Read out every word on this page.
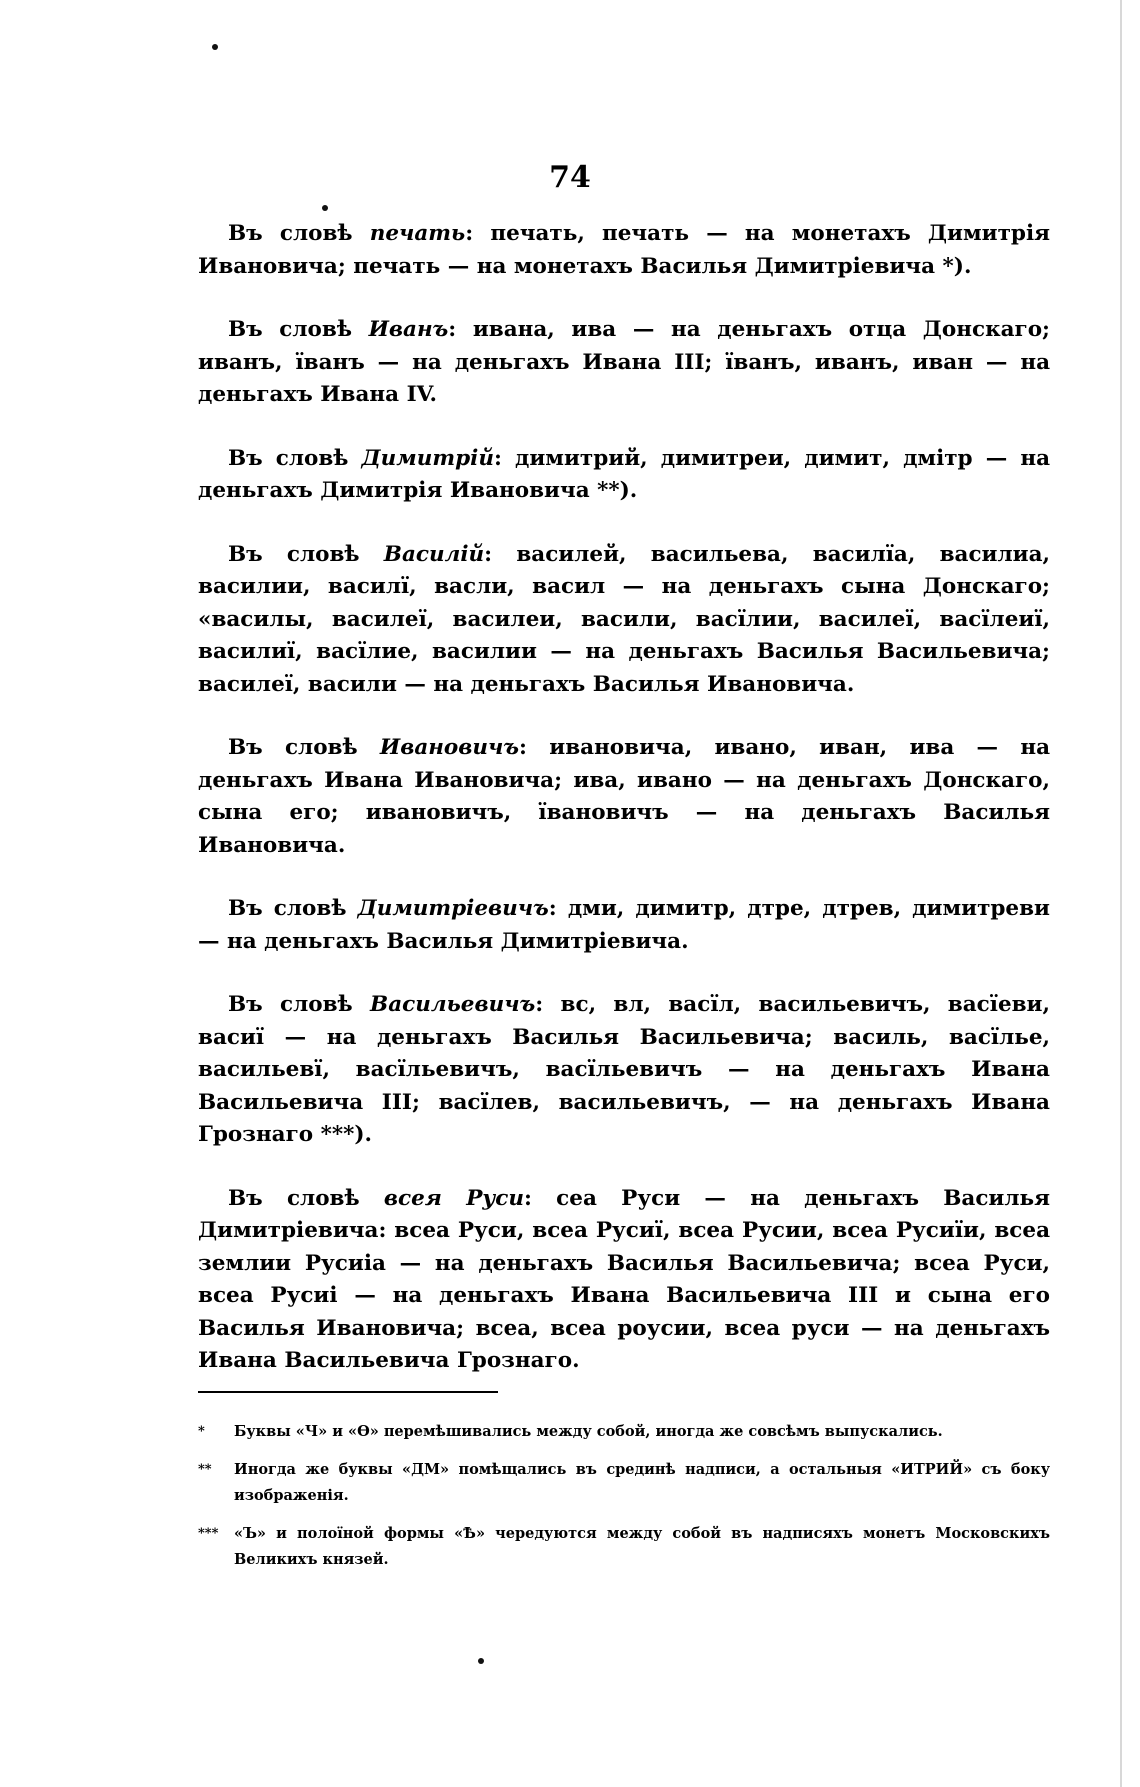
74

Въ словѣ печать: печать, печать — на монетахъ Димитрія Ивановича; печать — на монетахъ Василья Димитріевича *).

Въ словѣ Иванъ: ивана, ива — на деньгахъ отца Донскаго; иванъ, ïванъ — на деньгахъ Ивана III; ïванъ, иванъ, иван — на деньгахъ Ивана IV.

Въ словѣ Димитрій: димитрий, димитреи, димит, дмітр — на деньгахъ Димитрія Ивановича **).

Въ словѣ Василій: василей, васильева, василïа, василиа, василии, василï, васли, васил — на деньгахъ сына Донскаго; «василы, василеї, василеи, васили, васïлии, василеї, васïлеиї, василиї, васïлие, василии — на деньгахъ Василья Васильевича; василеї, васили — на деньгахъ Василья Ивановича.

Въ словѣ Ивановичъ: ивановича, ивано, иван, ива — на деньгахъ Ивана Ивановича; ива, ивано — на деньгахъ Донскаго, сына его; ивановичъ, ïвановичъ — на деньгахъ Василья Ивановича.

Въ словѣ Димитріевичъ: дми, димитр, дтре, дтрев, димитреви — на деньгахъ Василья Димитріевича.

Въ словѣ Васильевичъ: вс, вл, васïл, васильевичъ, васïеви, васиї — на деньгахъ Василья Васильевича; василь, васïлье, васильевї, васïльевичъ, васïльевичъ — на деньгахъ Ивана Васильевича III; васïлев, васильевичъ, — на деньгахъ Ивана Грознаго ***).

Въ словѣ всея Руси: сеа Руси — на деньгахъ Василья Димитріевича: всеа Руси, всеа Русиї, всеа Русии, всеа Русиїи, всеа землии Русиіа — на деньгахъ Василья Васильевича; всеа Руси, всеа Русиі — на деньгахъ Ивана Васильевича III и сына его Василья Ивановича; всеа, всеа роусии, всеа руси — на деньгахъ Ивана Васильевича Грознаго.

* Буквы «Ч» и «Ѳ» перемѣшивались между собой, иногда же совсѣмъ выпускались.

** Иногда же буквы «ДМ» помѣщались въ срединѣ надписи, а остальныя «ИТРИЙ» съ боку изображенія.

*** «Ъ» и полоїной формы «Ѣ» чередуются между собой въ надписяхъ монетъ Московскихъ Великихъ князей.
